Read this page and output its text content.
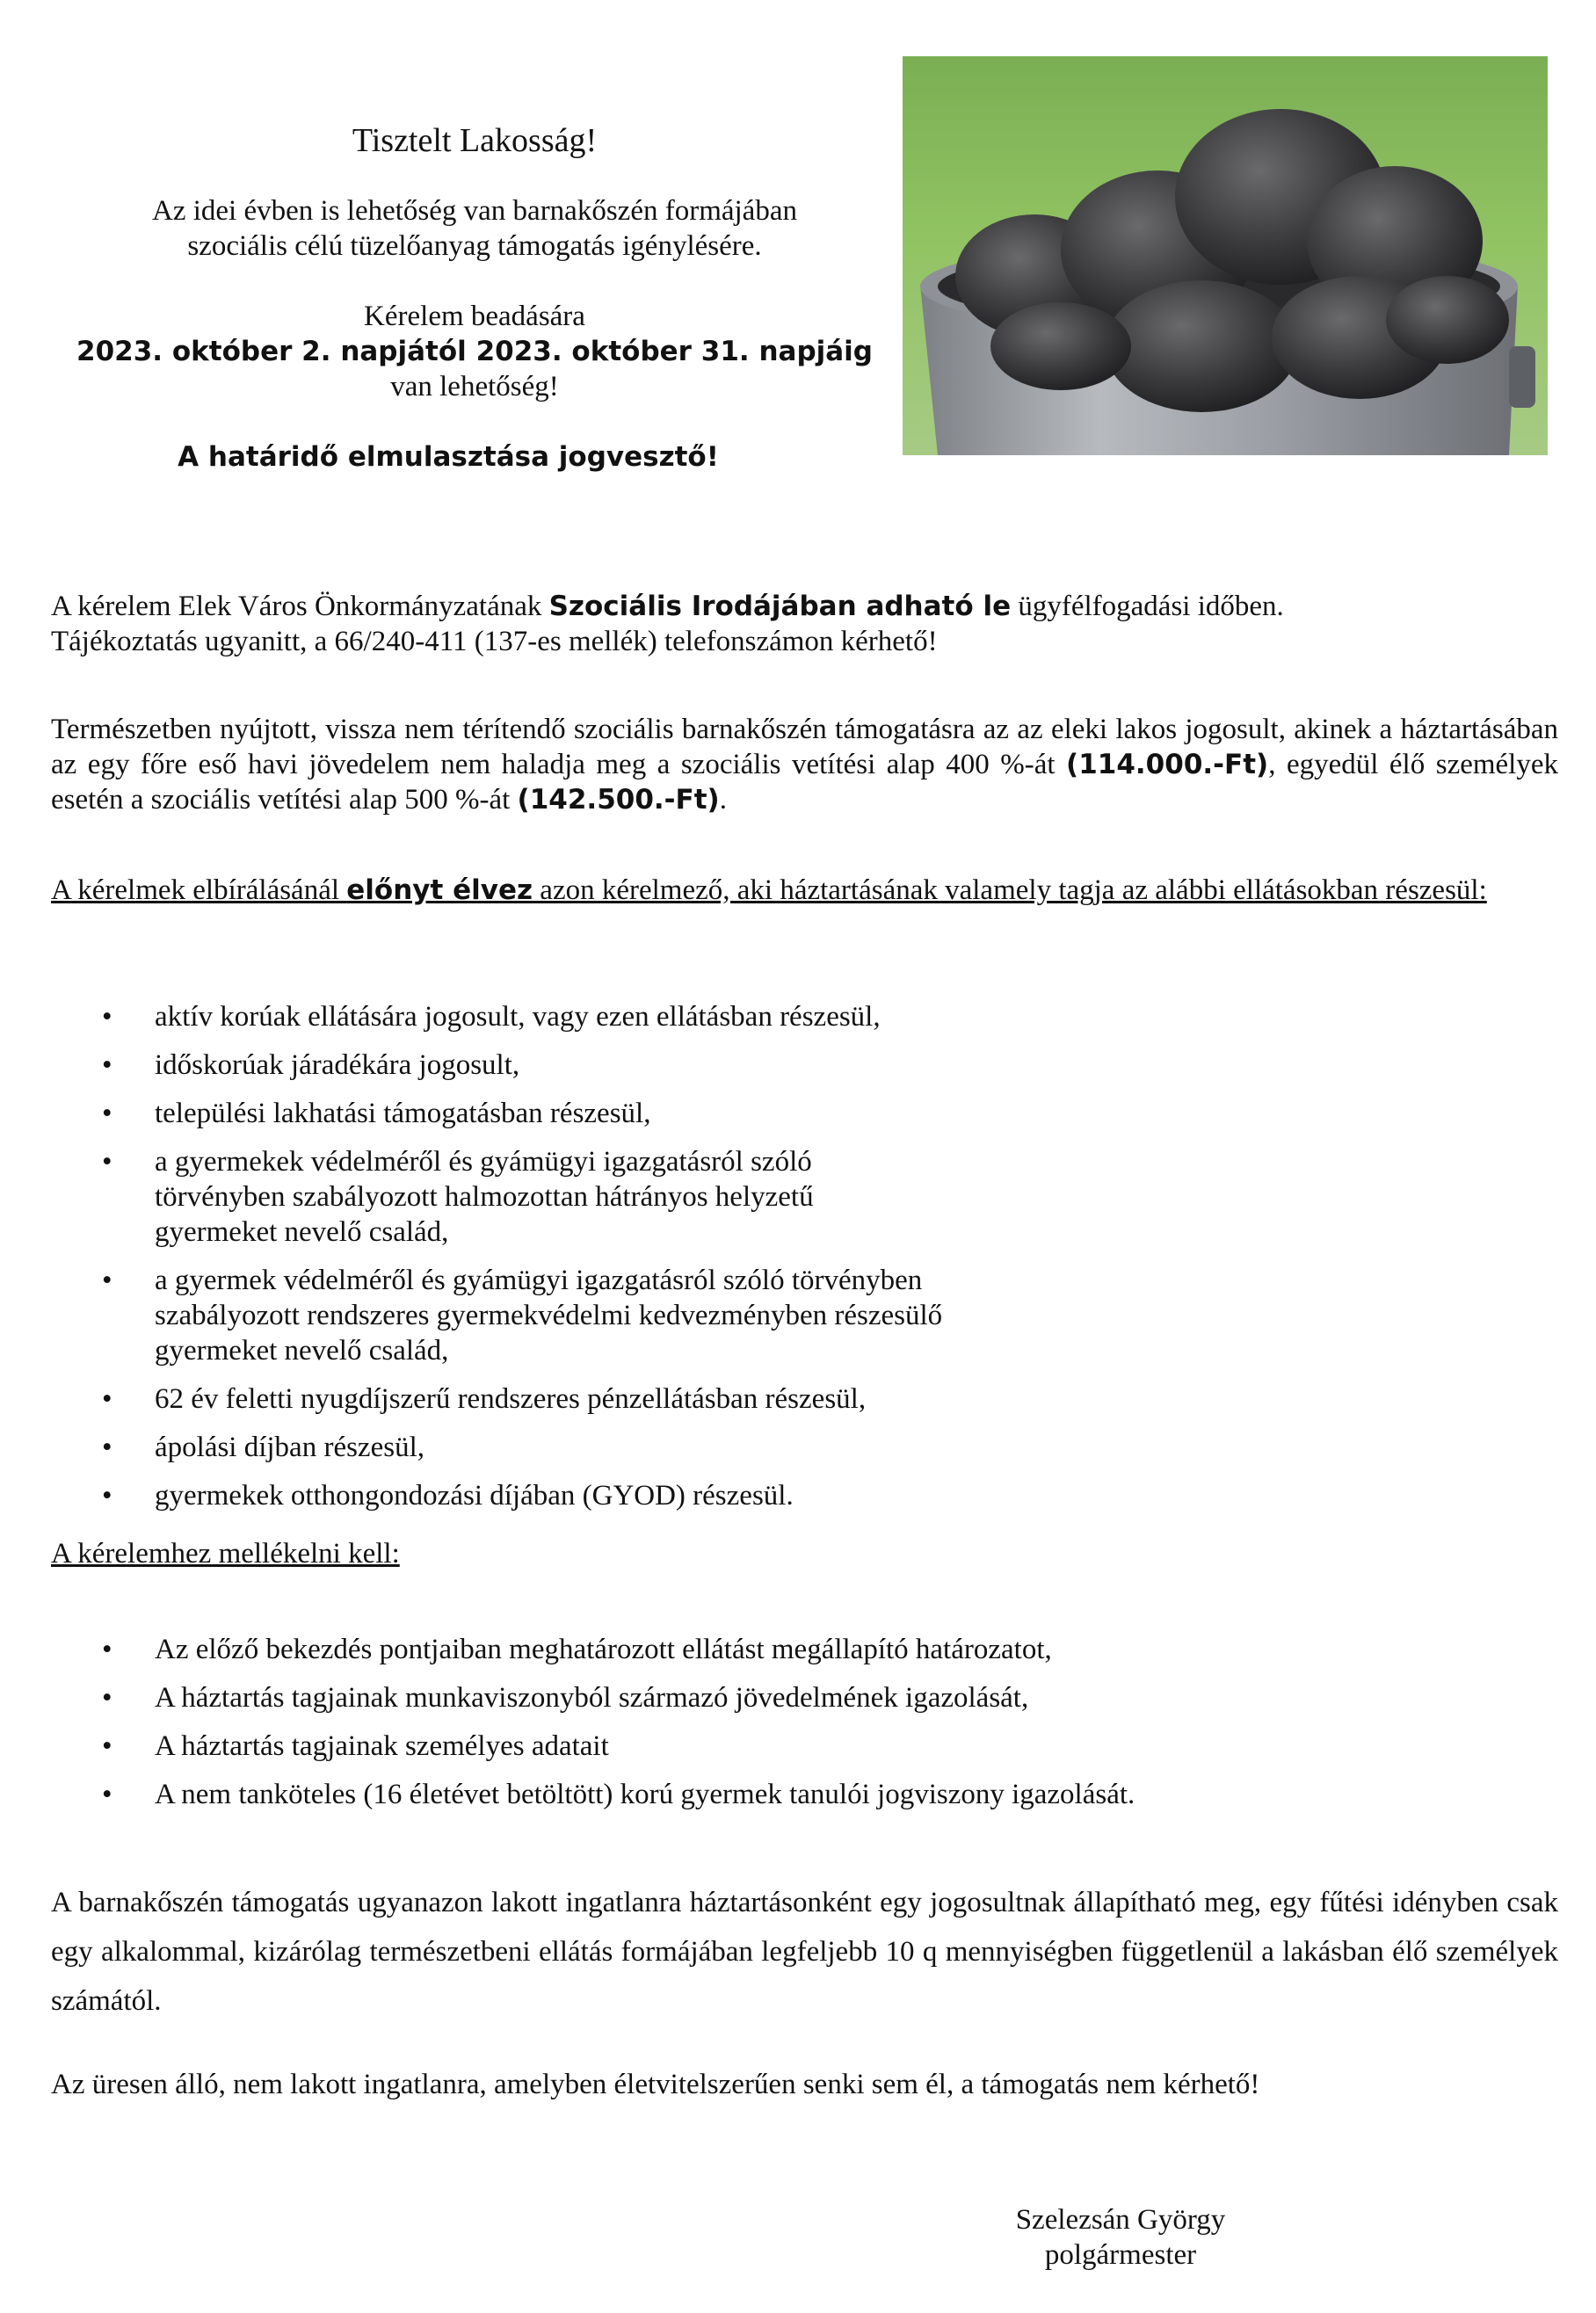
Tisztelt Lakosság!

Az idei évben is lehetőség van barnakőszén formájában

szociális célú tüzelőanyag támogatás igénylésére.

Kérelem beadására

2023. október 2. napjától 2023. október 31. napjáig

van lehetőség!

A határidő elmulasztása jogvesztő!

A kérelem Elek Város Önkormányzatának Szociális Irodájában adható le ügyfélfogadási időben.

Tájékoztatás ugyanitt, a 66/240-411 (137-es mellék) telefonszámon kérhető!

Természetben nyújtott, vissza nem térítendő szociális barnakőszén támogatásra az az eleki lakos jogosult, akinek a háztartásában az egy főre eső havi jövedelem nem haladja meg a szociális vetítési alap 400 %-át (114.000.-Ft), egyedül élő személyek esetén a szociális vetítési alap 500 %-át (142.500.-Ft).

A kérelmek elbírálásánál előnyt élvez azon kérelmező, aki háztartásának valamely tagja az alábbi ellátásokban részesül:

• aktív korúak ellátására jogosult, vagy ezen ellátásban részesül,
• időskorúak járadékára jogosult,
• települési lakhatási támogatásban részesül,
• a gyermekek védelméről és gyámügyi igazgatásról szóló törvényben szabályozott halmozottan hátrányos helyzetű gyermeket nevelő család,
• a gyermek védelméről és gyámügyi igazgatásról szóló törvényben szabályozott rendszeres gyermekvédelmi kedvezményben részesülő gyermeket nevelő család,
• 62 év feletti nyugdíjszerű rendszeres pénzellátásban részesül,
• ápolási díjban részesül,
• gyermekek otthongondozási díjában (GYOD) részesül.
A kérelemhez mellékelni kell:
• Az előző bekezdés pontjaiban meghatározott ellátást megállapító határozatot,
• A háztartás tagjainak munkaviszonyból származó jövedelmének igazolását,
• A háztartás tagjainak személyes adatait
• A nem tanköteles (16 életévet betöltött) korú gyermek tanulói jogviszony igazolását.
A barnakőszén támogatás ugyanazon lakott ingatlanra háztartásonként egy jogosultnak állapítható meg, egy fűtési idényben csak egy alkalommal, kizárólag természetbeni ellátás formájában legfeljebb 10 q mennyiségben függetlenül a lakásban élő személyek számától.
Az üresen álló, nem lakott ingatlanra, amelyben életvitelszerűen senki sem él, a támogatás nem kérhető!

Szelezsán György

polgármester
